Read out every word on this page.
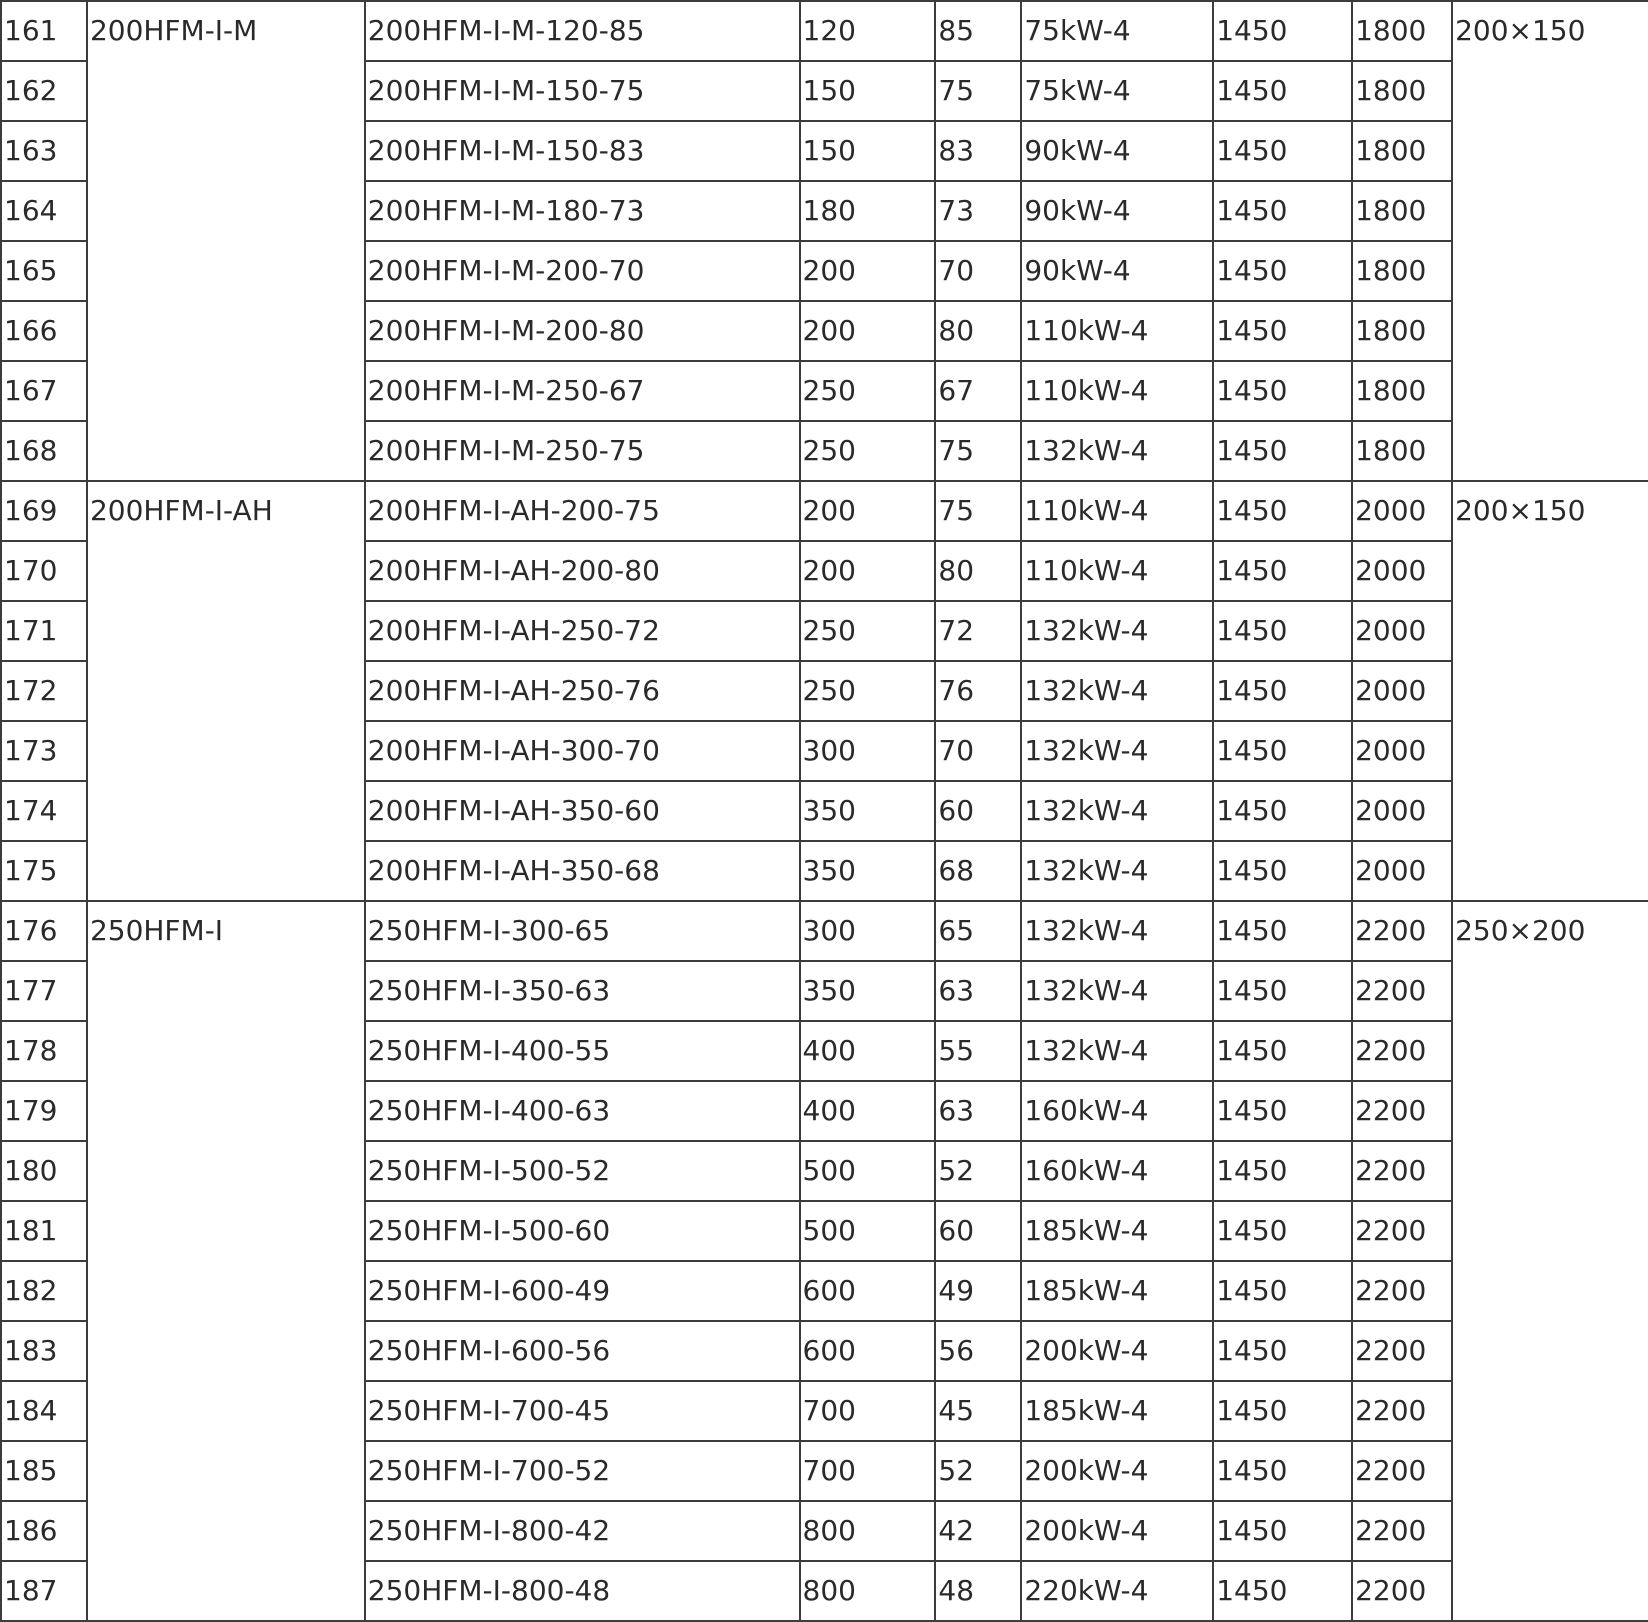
161	200HFM-I-M	200HFM-I-M-120-85	120	85	75kW-4	1450	1800	200×150
162		200HFM-I-M-150-75	150	75	75kW-4	1450	1800	
163		200HFM-I-M-150-83	150	83	90kW-4	1450	1800	
164		200HFM-I-M-180-73	180	73	90kW-4	1450	1800	
165		200HFM-I-M-200-70	200	70	90kW-4	1450	1800	
166		200HFM-I-M-200-80	200	80	110kW-4	1450	1800	
167		200HFM-I-M-250-67	250	67	110kW-4	1450	1800	
168		200HFM-I-M-250-75	250	75	132kW-4	1450	1800	
169	200HFM-I-AH	200HFM-I-AH-200-75	200	75	110kW-4	1450	2000	200×150
170		200HFM-I-AH-200-80	200	80	110kW-4	1450	2000	
171		200HFM-I-AH-250-72	250	72	132kW-4	1450	2000	
172		200HFM-I-AH-250-76	250	76	132kW-4	1450	2000	
173		200HFM-I-AH-300-70	300	70	132kW-4	1450	2000	
174		200HFM-I-AH-350-60	350	60	132kW-4	1450	2000	
175		200HFM-I-AH-350-68	350	68	132kW-4	1450	2000	
176	250HFM-I	250HFM-I-300-65	300	65	132kW-4	1450	2200	250×200
177		250HFM-I-350-63	350	63	132kW-4	1450	2200	
178		250HFM-I-400-55	400	55	132kW-4	1450	2200	
179		250HFM-I-400-63	400	63	160kW-4	1450	2200	
180		250HFM-I-500-52	500	52	160kW-4	1450	2200	
181		250HFM-I-500-60	500	60	185kW-4	1450	2200	
182		250HFM-I-600-49	600	49	185kW-4	1450	2200	
183		250HFM-I-600-56	600	56	200kW-4	1450	2200	
184		250HFM-I-700-45	700	45	185kW-4	1450	2200	
185		250HFM-I-700-52	700	52	200kW-4	1450	2200	
186		250HFM-I-800-42	800	42	200kW-4	1450	2200	
187		250HFM-I-800-48	800	48	220kW-4	1450	2200	
